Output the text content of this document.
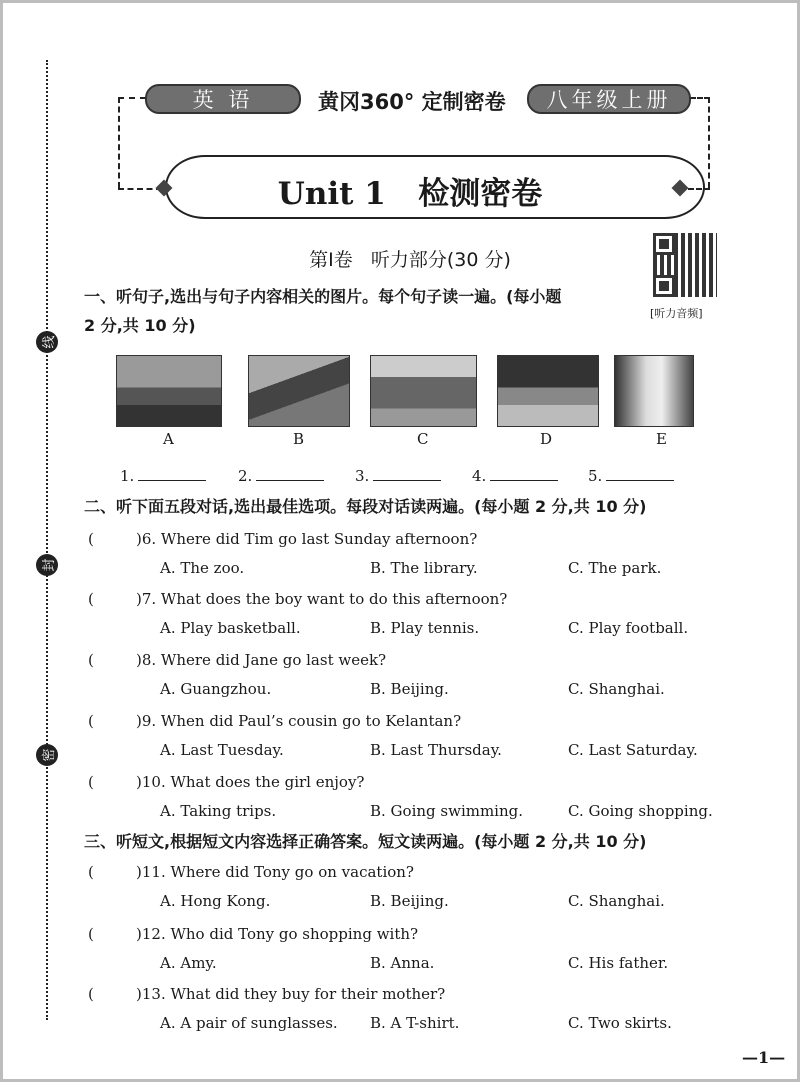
线
封
密
英 语	黄冈360° 定制密卷	八年级上册
Unit 1   检测密卷
第Ⅰ卷   听力部分(30 分)
[听力音频]
一、听句子,选出与句子内容相关的图片。每个句子读一遍。(每小题
2 分,共 10 分)
A	B	C	D	E
1.	2.	3.	4.	5.
二、听下面五段对话,选出最佳选项。每段对话读两遍。(每小题 2 分,共 10 分)
(	)6. Where did Tim go last Sunday afternoon?
A. The zoo.	B. The library.	C. The park.
(	)7. What does the boy want to do this afternoon?
A. Play basketball.	B. Play tennis.	C. Play football.
(	)8. Where did Jane go last week?
A. Guangzhou.	B. Beijing.	C. Shanghai.
(	)9. When did Paul’s cousin go to Kelantan?
A. Last Tuesday.	B. Last Thursday.	C. Last Saturday.
(	)10. What does the girl enjoy?
A. Taking trips.	B. Going swimming.	C. Going shopping.
三、听短文,根据短文内容选择正确答案。短文读两遍。(每小题 2 分,共 10 分)
(	)11. Where did Tony go on vacation?
A. Hong Kong.	B. Beijing.	C. Shanghai.
(	)12. Who did Tony go shopping with?
A. Amy.	B. Anna.	C. His father.
(	)13. What did they buy for their mother?
A. A pair of sunglasses. B. A T-shirt.	C. Two skirts.
—1—
